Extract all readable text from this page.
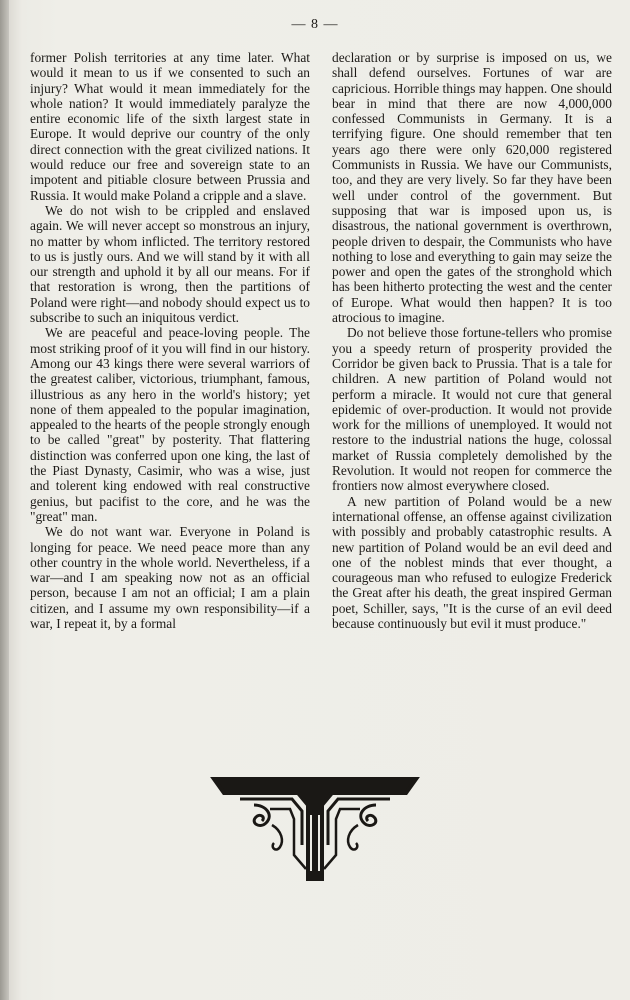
— 8 —

former Polish territories at any time later. What would it mean to us if we consented to such an injury? What would it mean immediately for the whole nation? It would immediately paralyze the entire economic life of the sixth largest state in Europe. It would deprive our country of the only direct connection with the great civilized nations. It would reduce our free and sovereign state to an impotent and pitiable closure between Prussia and Russia. It would make Poland a cripple and a slave.

We do not wish to be crippled and enslaved again. We will never accept so monstrous an injury, no matter by whom inflicted. The territory restored to us is justly ours. And we will stand by it with all our strength and uphold it by all our means. For if that restoration is wrong, then the partitions of Poland were right—and nobody should expect us to subscribe to such an iniquitous verdict.

We are peaceful and peace-loving people. The most striking proof of it you will find in our history. Among our 43 kings there were several warriors of the greatest caliber, victorious, triumphant, famous, illustrious as any hero in the world's history; yet none of them appealed to the popular imagination, appealed to the hearts of the people strongly enough to be called "great" by posterity. That flattering distinction was conferred upon one king, the last of the Piast Dynasty, Casimir, who was a wise, just and tolerent king endowed with real constructive genius, but pacifist to the core, and he was the "great" man.

We do not want war. Everyone in Poland is longing for peace. We need peace more than any other country in the whole world. Nevertheless, if a war—and I am speaking now not as an official person, because I am not an official; I am a plain citizen, and I assume my own responsibility—if a war, I repeat it, by a formal

declaration or by surprise is imposed on us, we shall defend ourselves. Fortunes of war are capricious. Horrible things may happen. One should bear in mind that there are now 4,000,000 confessed Communists in Germany. It is a terrifying figure. One should remember that ten years ago there were only 620,000 registered Communists in Russia. We have our Communists, too, and they are very lively. So far they have been well under control of the government. But supposing that war is imposed upon us, is disastrous, the national government is overthrown, people driven to despair, the Communists who have nothing to lose and everything to gain may seize the power and open the gates of the stronghold which has been hitherto protecting the west and the center of Europe. What would then happen? It is too atrocious to imagine.

Do not believe those fortune-tellers who promise you a speedy return of prosperity provided the Corridor be given back to Prussia. That is a tale for children. A new partition of Poland would not perform a miracle. It would not cure that general epidemic of over-production. It would not provide work for the millions of unemployed. It would not restore to the industrial nations the huge, colossal market of Russia completely demolished by the Revolution. It would not reopen for commerce the frontiers now almost everywhere closed.

A new partition of Poland would be a new international offense, an offense against civilization with possibly and probably catastrophic results. A new partition of Poland would be an evil deed and one of the noblest minds that ever thought, a courageous man who refused to eulogize Frederick the Great after his death, the great inspired German poet, Schiller, says, "It is the curse of an evil deed because continuously but evil it must produce."
